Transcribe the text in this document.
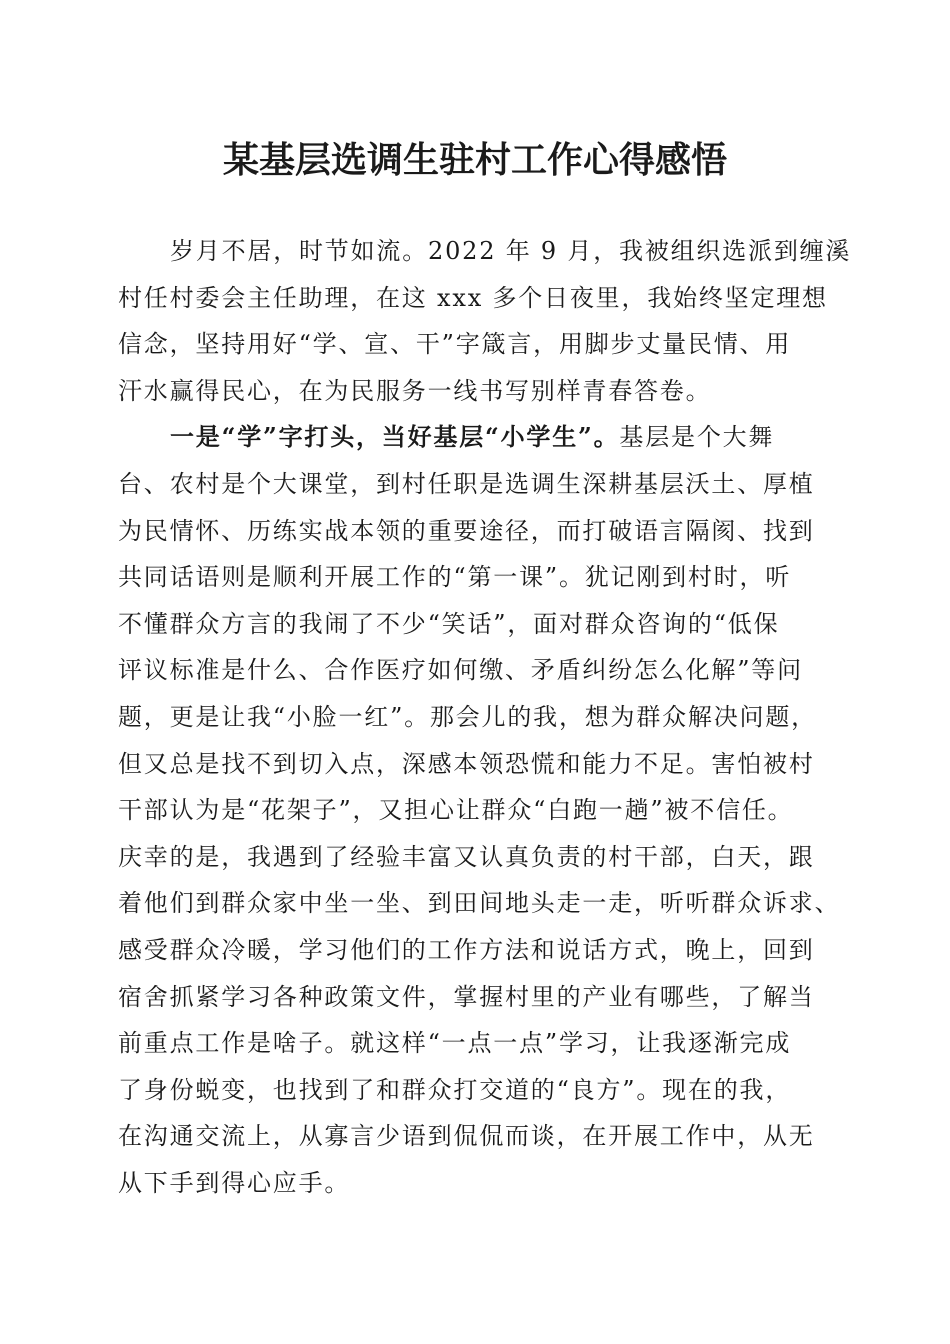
某基层选调生驻村工作心得感悟
岁月不居，时节如流。2022 年 9 月，我被组织选派到缠溪
村任村委会主任助理，在这 xxx 多个日夜里，我始终坚定理想
信念，坚持用好“学、宣、干”字箴言，用脚步丈量民情、用
汗水赢得民心，在为民服务一线书写别样青春答卷。
一是“学”字打头，当好基层“小学生”。基层是个大舞
台、农村是个大课堂，到村任职是选调生深耕基层沃土、厚植
为民情怀、历练实战本领的重要途径，而打破语言隔阂、找到
共同话语则是顺利开展工作的“第一课”。犹记刚到村时，听
不懂群众方言的我闹了不少“笑话”，面对群众咨询的“低保
评议标准是什么、合作医疗如何缴、矛盾纠纷怎么化解”等问
题，更是让我“小脸一红”。那会儿的我，想为群众解决问题，
但又总是找不到切入点，深感本领恐慌和能力不足。害怕被村
干部认为是“花架子”，又担心让群众“白跑一趟”被不信任。
庆幸的是，我遇到了经验丰富又认真负责的村干部，白天，跟
着他们到群众家中坐一坐、到田间地头走一走，听听群众诉求、
感受群众冷暖，学习他们的工作方法和说话方式，晚上，回到
宿舍抓紧学习各种政策文件，掌握村里的产业有哪些，了解当
前重点工作是啥子。就这样“一点一点”学习，让我逐渐完成
了身份蜕变，也找到了和群众打交道的“良方”。现在的我，
在沟通交流上，从寡言少语到侃侃而谈，在开展工作中，从无
从下手到得心应手。
